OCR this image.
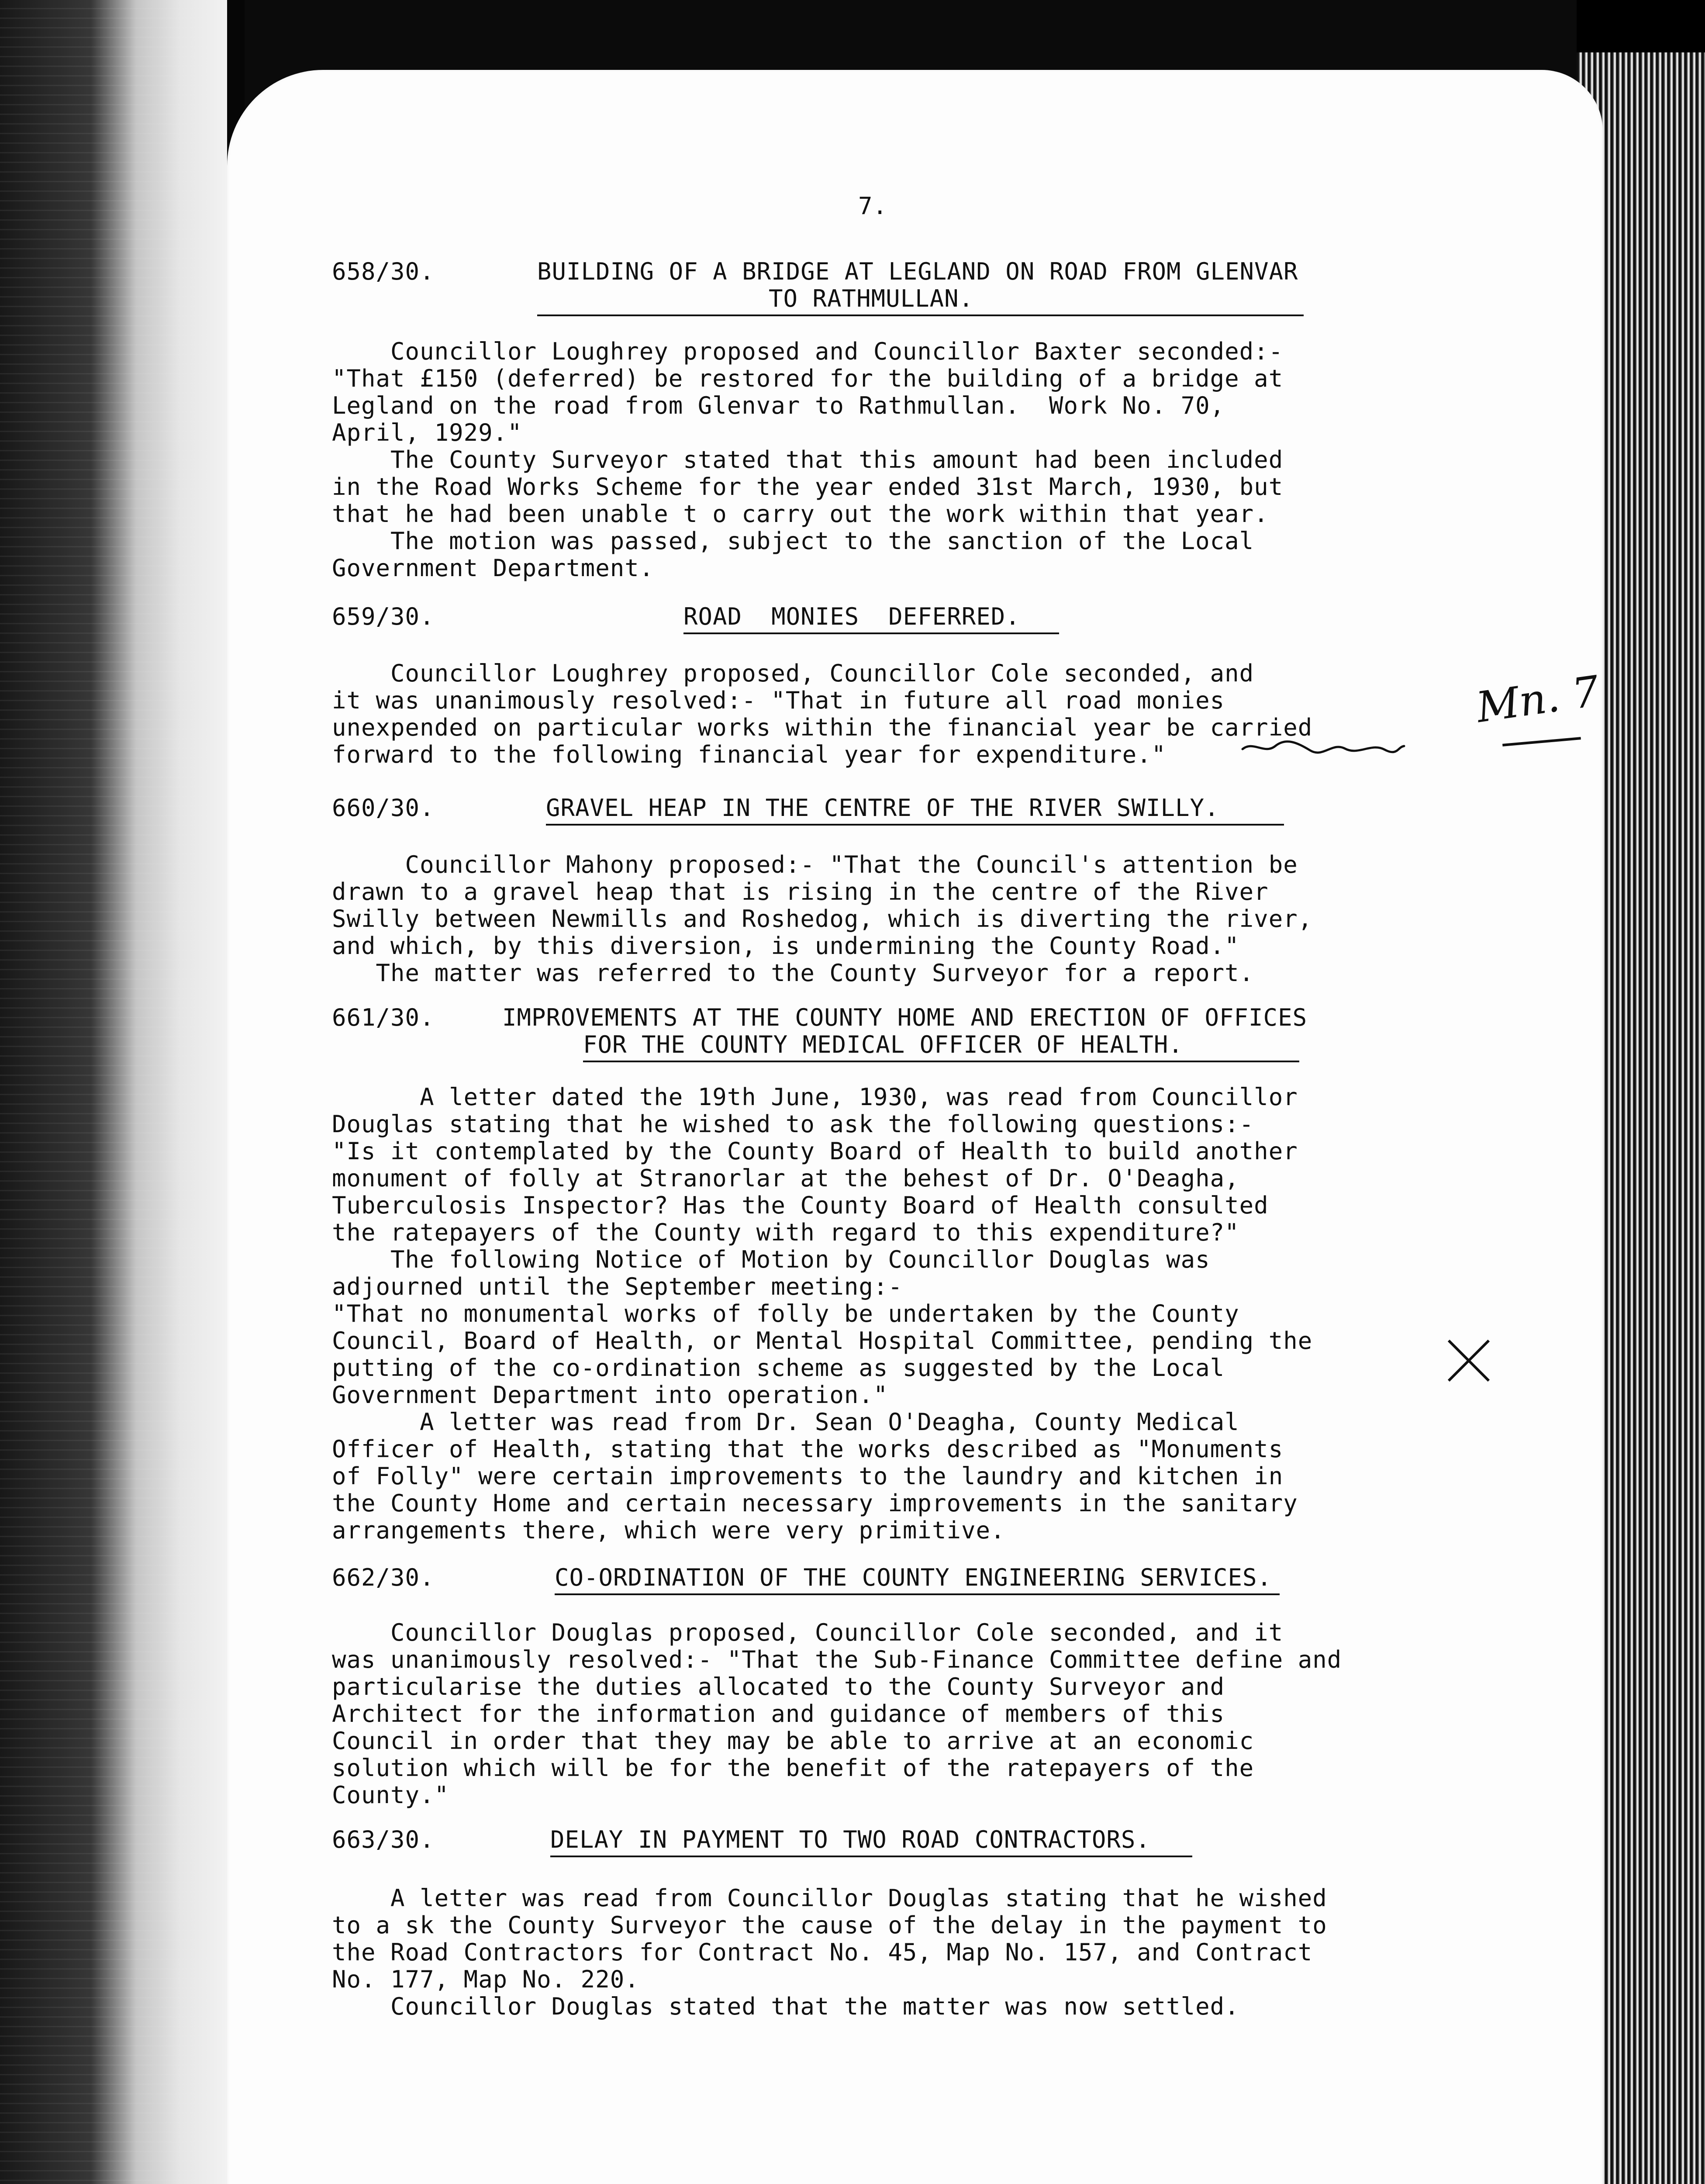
7.
658/30.	BUILDING OF A BRIDGE AT LEGLAND ON ROAD FROM GLENVAR
TO RATHMULLAN.
Councillor Loughrey proposed and Councillor Baxter seconded:-
"That £150 (deferred) be restored for the building of a bridge at
Legland on the road from Glenvar to Rathmullan.  Work No. 70,
April, 1929."
The County Surveyor stated that this amount had been included
in the Road Works Scheme for the year ended 31st March, 1930, but
that he had been unable t o carry out the work within that year.
The motion was passed, subject to the sanction of the Local
Government Department.
659/30.	ROAD  MONIES  DEFERRED.
Councillor Loughrey proposed, Councillor Cole seconded, and
it was unanimously resolved:- "That in future all road monies
unexpended on particular works within the financial year be carried
forward to the following financial year for expenditure."
660/30.	GRAVEL HEAP IN THE CENTRE OF THE RIVER SWILLY.
Councillor Mahony proposed:- "That the Council's attention be
drawn to a gravel heap that is rising in the centre of the River
Swilly between Newmills and Roshedog, which is diverting the river,
and which, by this diversion, is undermining the County Road."
The matter was referred to the County Surveyor for a report.
661/30.	IMPROVEMENTS AT THE COUNTY HOME AND ERECTION OF OFFICES
FOR THE COUNTY MEDICAL OFFICER OF HEALTH.
A letter dated the 19th June, 1930, was read from Councillor
Douglas stating that he wished to ask the following questions:-
"Is it contemplated by the County Board of Health to build another
monument of folly at Stranorlar at the behest of Dr. O'Deagha,
Tuberculosis Inspector? Has the County Board of Health consulted
the ratepayers of the County with regard to this expenditure?"
The following Notice of Motion by Councillor Douglas was
adjourned until the September meeting:-
"That no monumental works of folly be undertaken by the County
Council, Board of Health, or Mental Hospital Committee, pending the
putting of the co-ordination scheme as suggested by the Local
Government Department into operation."
A letter was read from Dr. Sean O'Deagha, County Medical
Officer of Health, stating that the works described as "Monuments
of Folly" were certain improvements to the laundry and kitchen in
the County Home and certain necessary improvements in the sanitary
arrangements there, which were very primitive.
662/30.	CO-ORDINATION OF THE COUNTY ENGINEERING SERVICES.
Councillor Douglas proposed, Councillor Cole seconded, and it
was unanimously resolved:- "That the Sub-Finance Committee define and
particularise the duties allocated to the County Surveyor and
Architect for the information and guidance of members of this
Council in order that they may be able to arrive at an economic
solution which will be for the benefit of the ratepayers of the
County."
663/30.	DELAY IN PAYMENT TO TWO ROAD CONTRACTORS.
A letter was read from Councillor Douglas stating that he wished
to a sk the County Surveyor the cause of the delay in the payment to
the Road Contractors for Contract No. 45, Map No. 157, and Contract
No. 177, Map No. 220.
Councillor Douglas stated that the matter was now settled.
Mn. 7
